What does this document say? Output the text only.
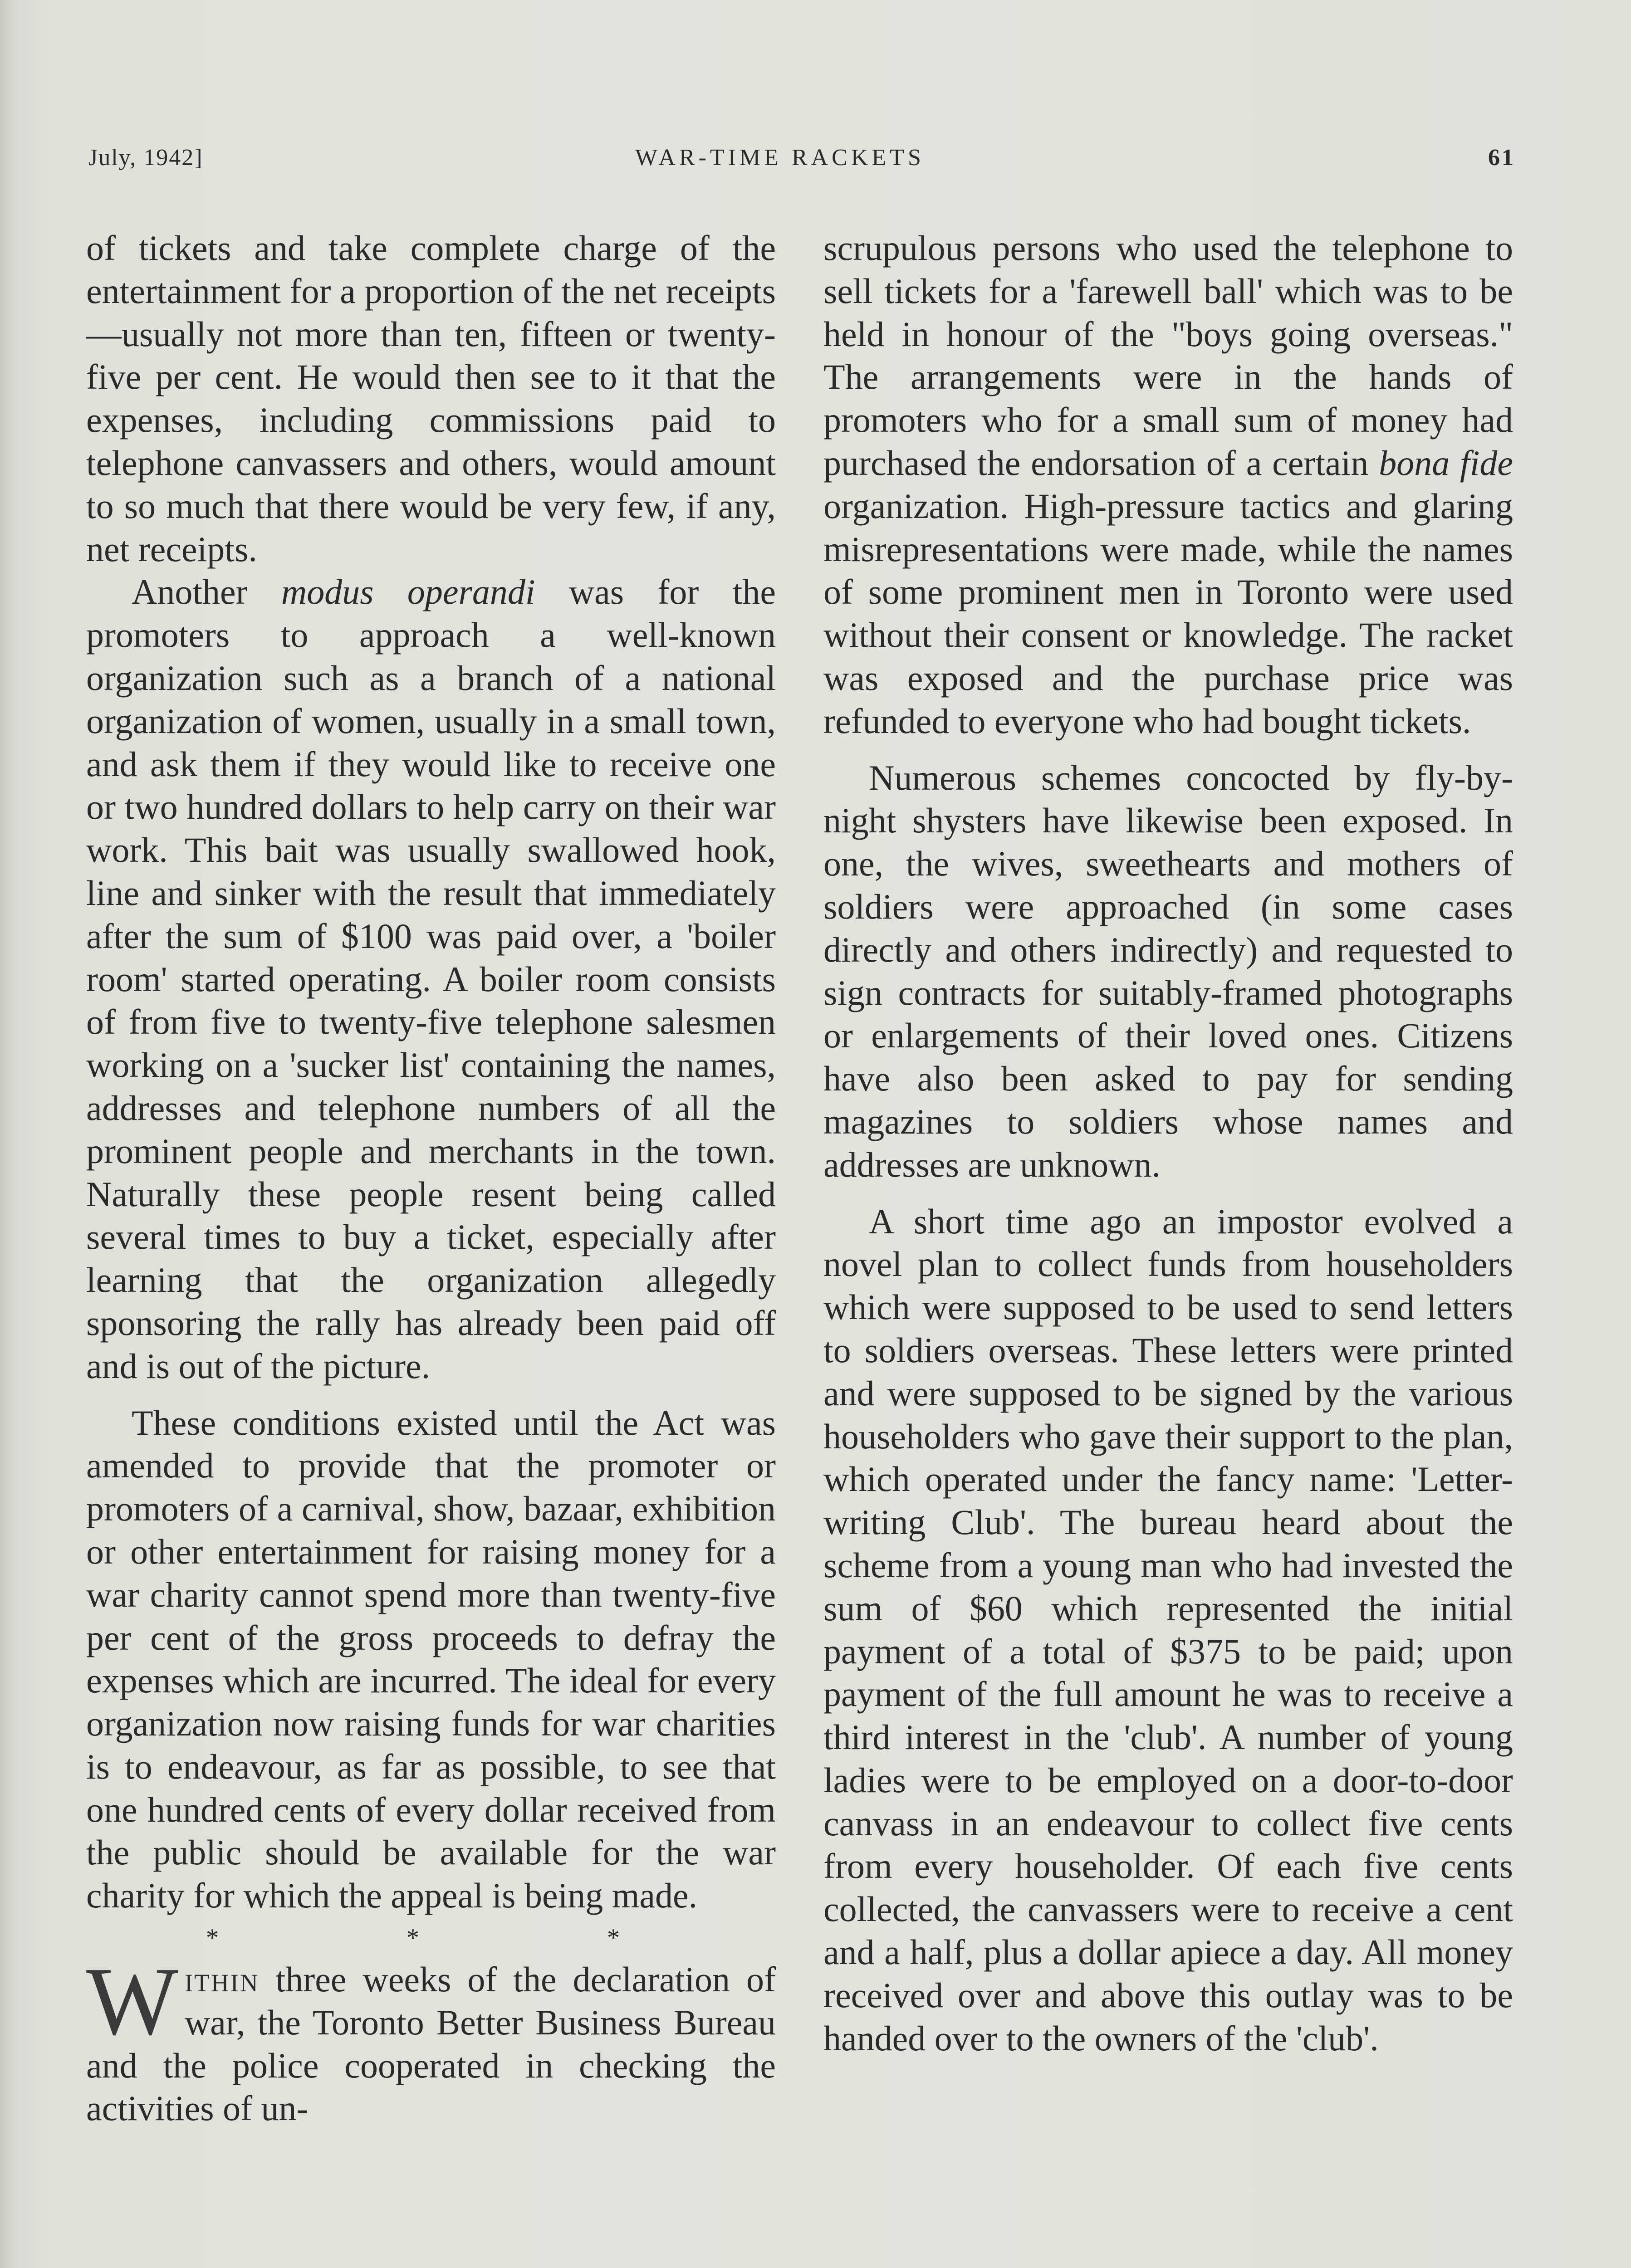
July, 1942]	WAR-TIME RACKETS	61

of tickets and take complete charge of the entertainment for a proportion of the net receipts—usually not more than ten, fifteen or twenty-five per cent. He would then see to it that the expenses, including commissions paid to telephone canvassers and others, would amount to so much that there would be very few, if any, net receipts.

Another modus operandi was for the promoters to approach a well-known organization such as a branch of a national organization of women, usually in a small town, and ask them if they would like to receive one or two hundred dollars to help carry on their war work. This bait was usually swallowed hook, line and sinker with the result that immediately after the sum of $100 was paid over, a 'boiler room' started operating. A boiler room consists of from five to twenty-five telephone salesmen working on a 'sucker list' containing the names, addresses and telephone numbers of all the prominent people and merchants in the town. Naturally these people resent being called several times to buy a ticket, especially after learning that the organization allegedly sponsoring the rally has already been paid off and is out of the picture.

These conditions existed until the Act was amended to provide that the promoter or promoters of a carnival, show, bazaar, exhibition or other entertainment for raising money for a war charity cannot spend more than twenty-five per cent of the gross proceeds to defray the expenses which are incurred. The ideal for every organization now raising funds for war charities is to endeavour, as far as possible, to see that one hundred cents of every dollar received from the public should be available for the war charity for which the appeal is being made.

* * *

Within three weeks of the declaration of war, the Toronto Better Business Bureau and the police cooperated in checking the activities of un-

scrupulous persons who used the telephone to sell tickets for a 'farewell ball' which was to be held in honour of the "boys going overseas." The arrangements were in the hands of promoters who for a small sum of money had purchased the endorsation of a certain bona fide organization. High-pressure tactics and glaring misrepresentations were made, while the names of some prominent men in Toronto were used without their consent or knowledge. The racket was exposed and the purchase price was refunded to everyone who had bought tickets.

Numerous schemes concocted by fly-by-night shysters have likewise been exposed. In one, the wives, sweethearts and mothers of soldiers were approached (in some cases directly and others indirectly) and requested to sign contracts for suitably-framed photographs or enlargements of their loved ones. Citizens have also been asked to pay for sending magazines to soldiers whose names and addresses are unknown.

A short time ago an impostor evolved a novel plan to collect funds from householders which were supposed to be used to send letters to soldiers overseas. These letters were printed and were supposed to be signed by the various householders who gave their support to the plan, which operated under the fancy name: 'Letter-writing Club'. The bureau heard about the scheme from a young man who had invested the sum of $60 which represented the initial payment of a total of $375 to be paid; upon payment of the full amount he was to receive a third interest in the 'club'. A number of young ladies were to be employed on a door-to-door canvass in an endeavour to collect five cents from every householder. Of each five cents collected, the canvassers were to receive a cent and a half, plus a dollar apiece a day. All money received over and above this outlay was to be handed over to the owners of the 'club'.
